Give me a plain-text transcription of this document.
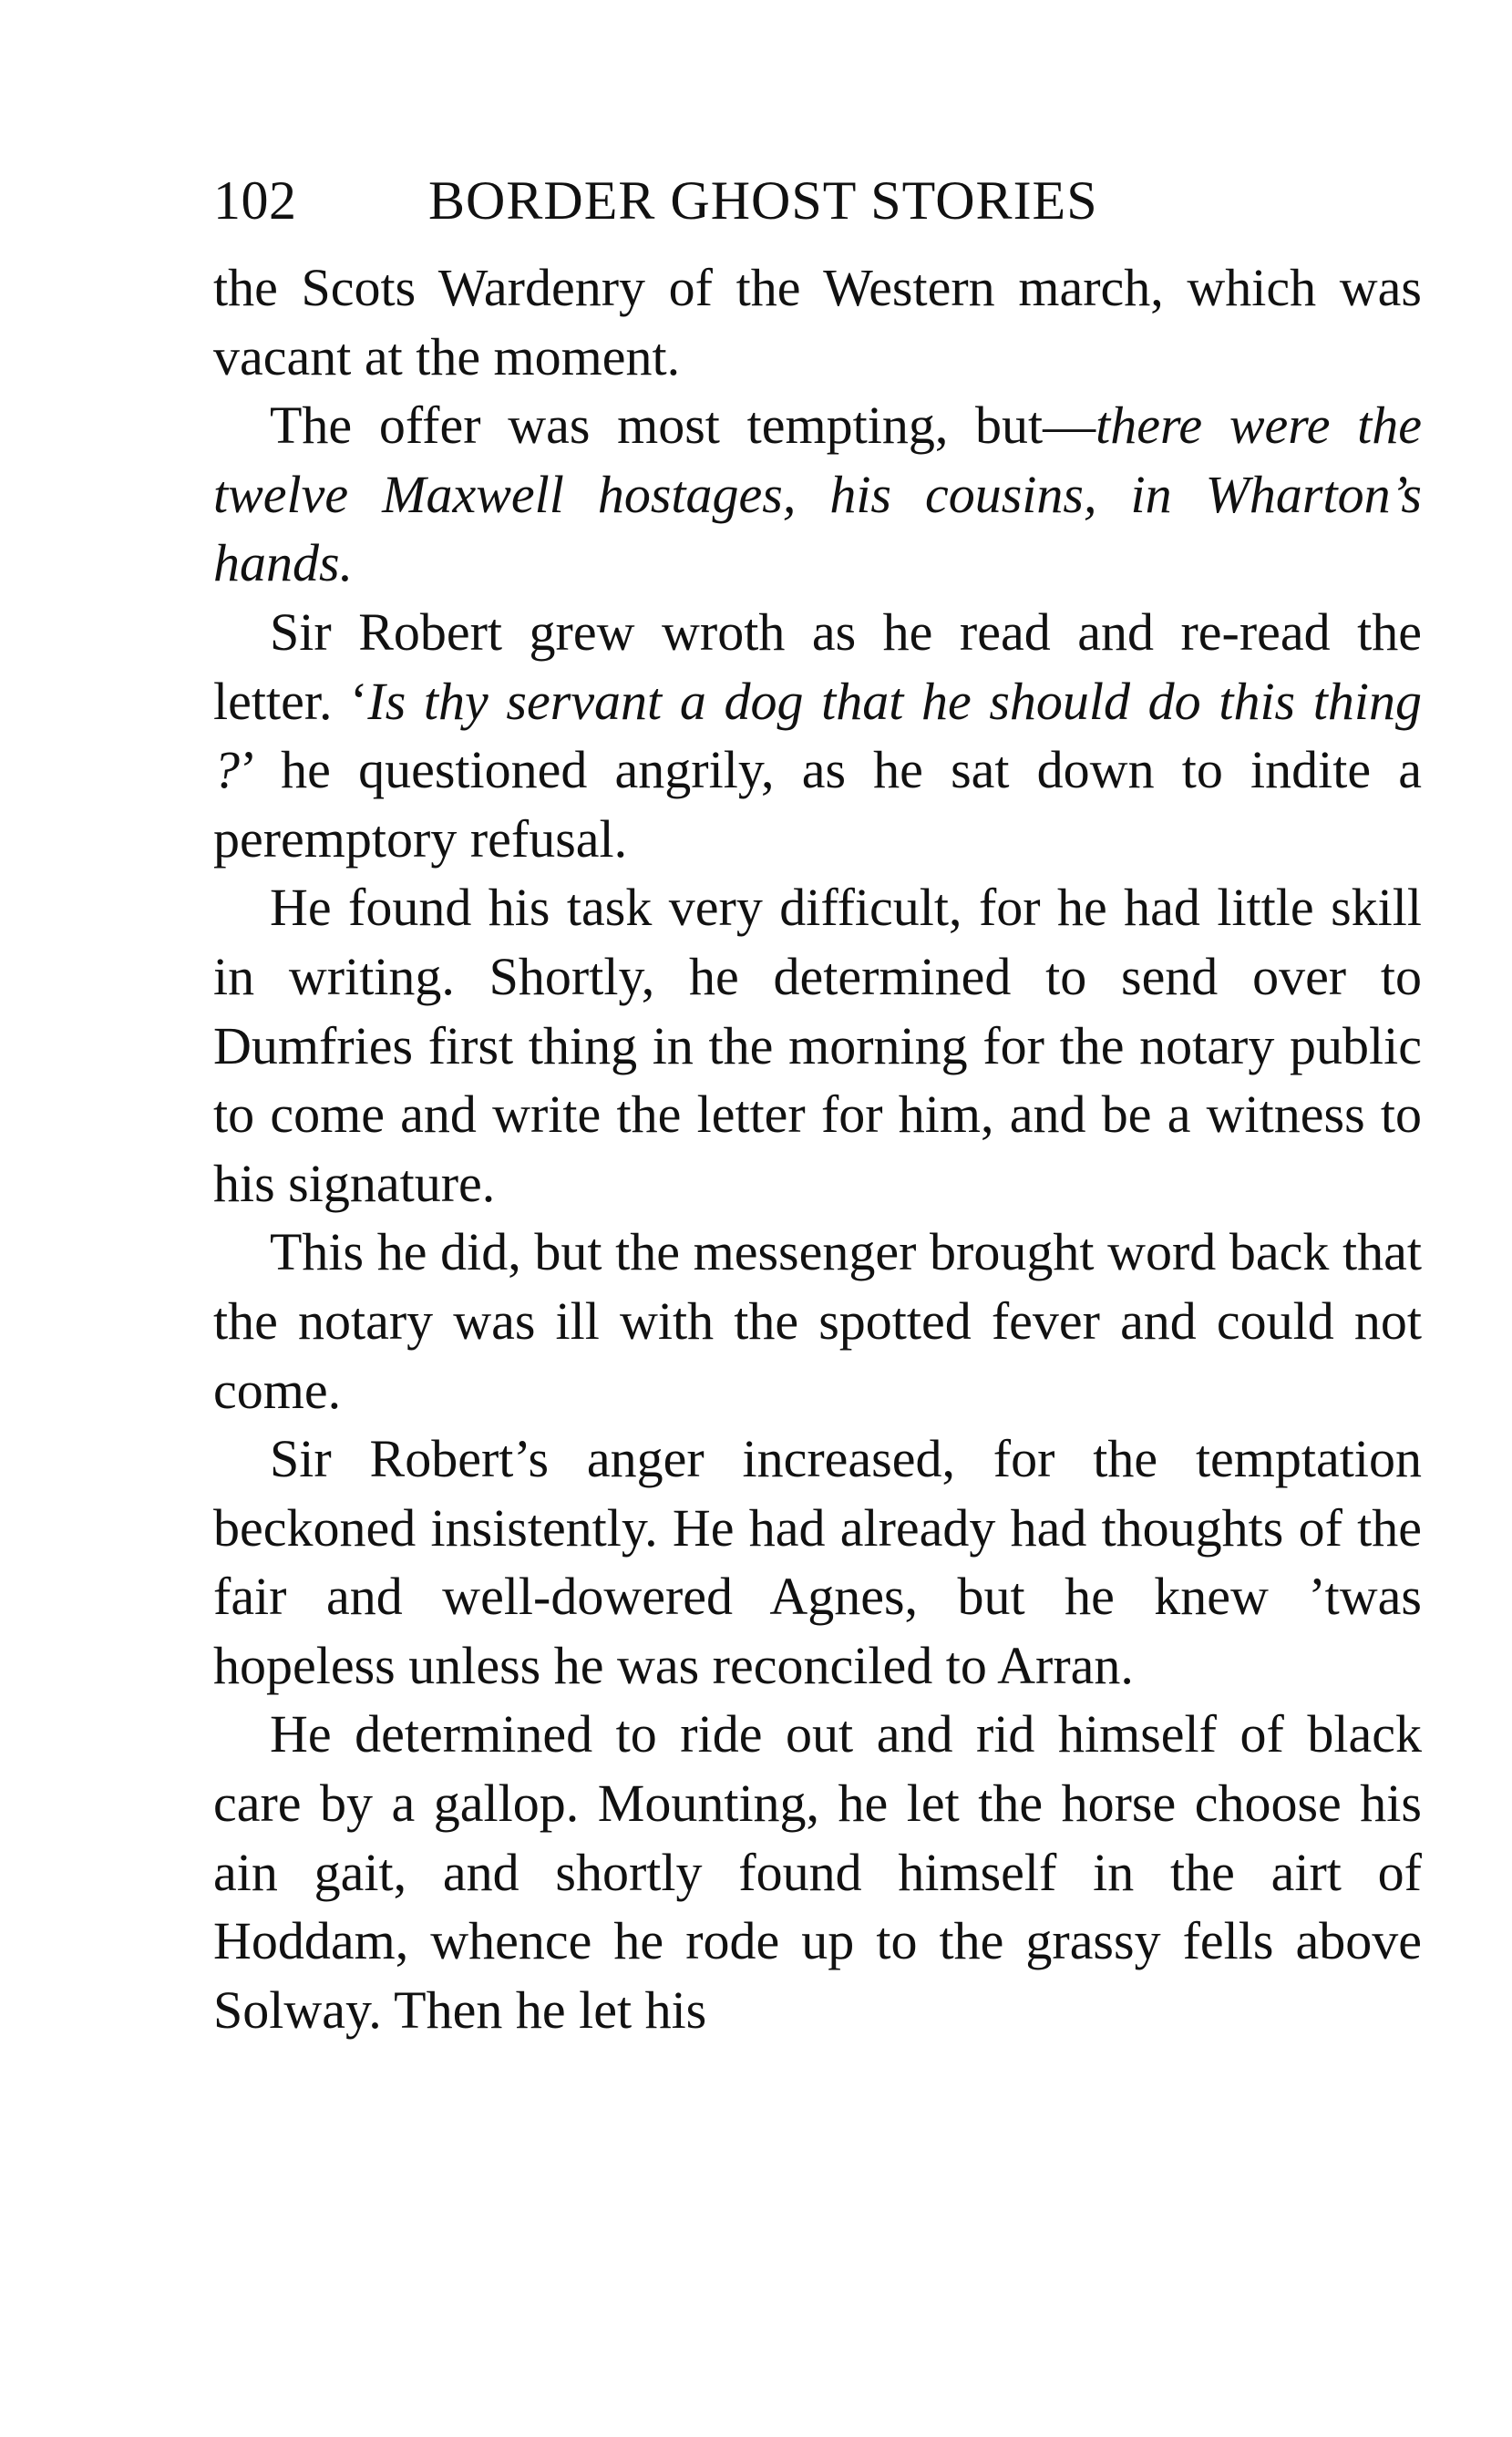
102 BORDER GHOST STORIES

the Scots Wardenry of the Western march, which was vacant at the moment.

The offer was most tempting, but—there were the twelve Maxwell hostages, his cousins, in Wharton’s hands.

Sir Robert grew wroth as he read and re-read the letter. ‘Is thy servant a dog that he should do this thing ?’ he questioned angrily, as he sat down to indite a peremptory refusal.

He found his task very difficult, for he had little skill in writing. Shortly, he determined to send over to Dumfries first thing in the morning for the notary public to come and write the letter for him, and be a witness to his signature.

This he did, but the messenger brought word back that the notary was ill with the spotted fever and could not come.

Sir Robert’s anger increased, for the temptation beckoned insistently. He had already had thoughts of the fair and well-dowered Agnes, but he knew ’twas hopeless unless he was reconciled to Arran.

He determined to ride out and rid himself of black care by a gallop. Mounting, he let the horse choose his ain gait, and shortly found himself in the airt of Hoddam, whence he rode up to the grassy fells above Solway. Then he let his
